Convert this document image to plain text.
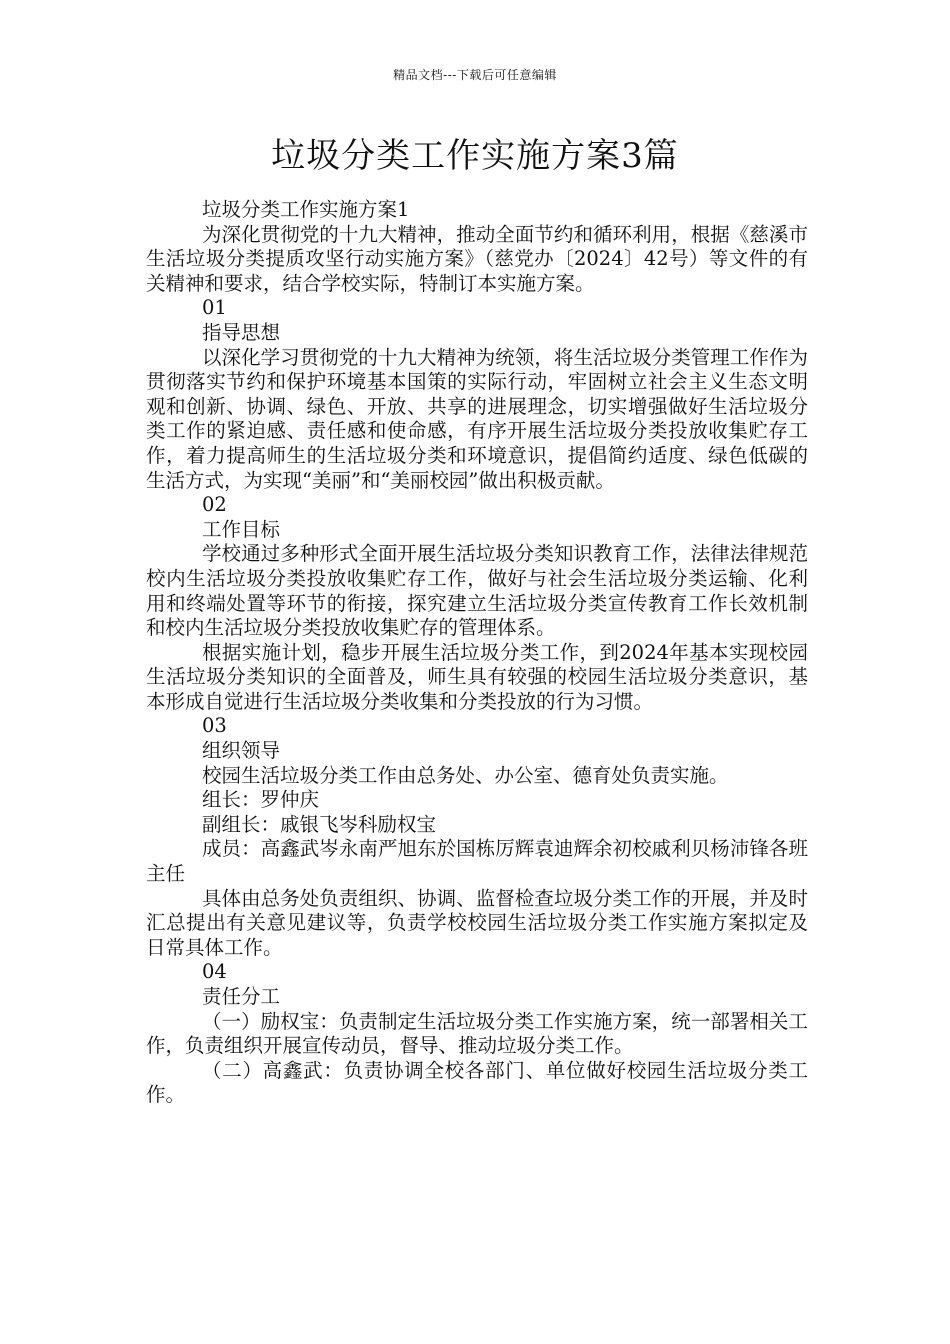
精品文档---下载后可任意编辑
垃圾分类工作实施方案3篇

垃圾分类工作实施方案1

为深化贯彻党的十九大精神，推动全面节约和循环利用，根据《慈溪市生活垃圾分类提质攻坚行动实施方案》（慈党办〔2024〕42号）等文件的有关精神和要求，结合学校实际，特制订本实施方案。

01

指导思想

以深化学习贯彻党的十九大精神为统领，将生活垃圾分类管理工作作为贯彻落实节约和保护环境基本国策的实际行动，牢固树立社会主义生态文明观和创新、协调、绿色、开放、共享的进展理念，切实增强做好生活垃圾分类工作的紧迫感、责任感和使命感，有序开展生活垃圾分类投放收集贮存工作，着力提高师生的生活垃圾分类和环境意识，提倡简约适度、绿色低碳的生活方式，为实现“美丽”和“美丽校园”做出积极贡献。

02

工作目标

学校通过多种形式全面开展生活垃圾分类知识教育工作，法律法律规范校内生活垃圾分类投放收集贮存工作，做好与社会生活垃圾分类运输、化利用和终端处置等环节的衔接，探究建立生活垃圾分类宣传教育工作长效机制和校内生活垃圾分类投放收集贮存的管理体系。

根据实施计划，稳步开展生活垃圾分类工作，到2024年基本实现校园生活垃圾分类知识的全面普及，师生具有较强的校园生活垃圾分类意识，基本形成自觉进行生活垃圾分类收集和分类投放的行为习惯。

03

组织领导

校园生活垃圾分类工作由总务处、办公室、德育处负责实施。

组长：罗仲庆

副组长：戚银飞岑科励权宝

成员：高鑫武岑永南严旭东於国栋厉辉袁迪辉余初校戚利贝杨沛锋各班主任

具体由总务处负责组织、协调、监督检查垃圾分类工作的开展，并及时汇总提出有关意见建议等，负责学校校园生活垃圾分类工作实施方案拟定及日常具体工作。

04

责任分工

（一）励权宝：负责制定生活垃圾分类工作实施方案，统一部署相关工作，负责组织开展宣传动员，督导、推动垃圾分类工作。

（二）高鑫武：负责协调全校各部门、单位做好校园生活垃圾分类工作。
